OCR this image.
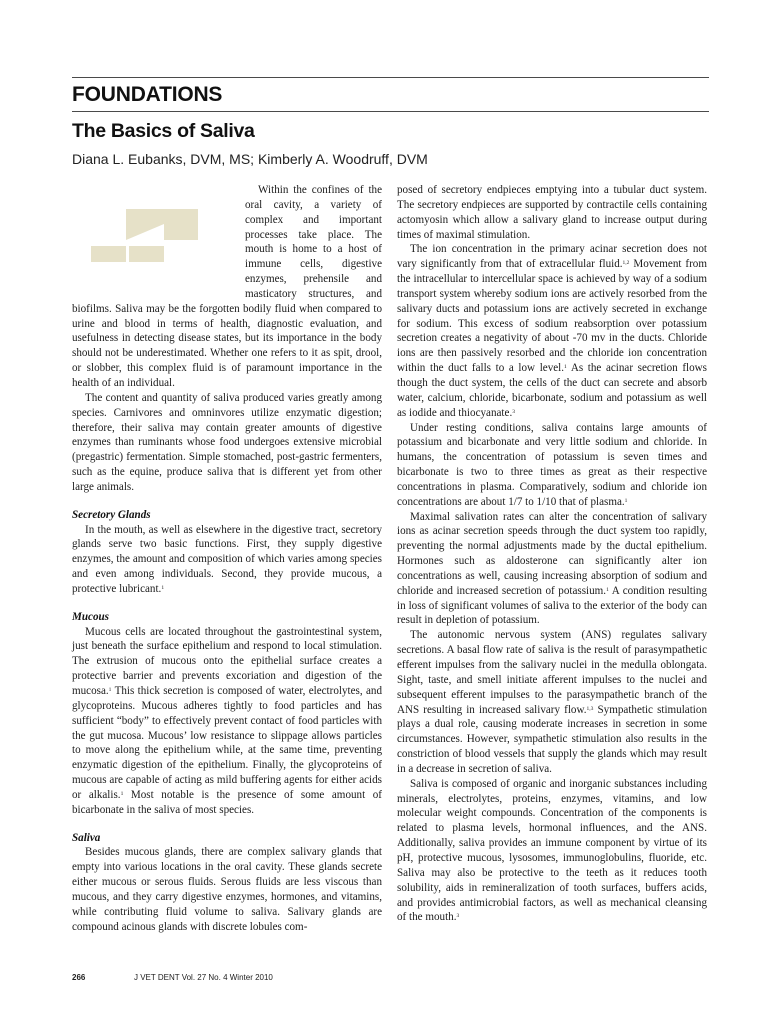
FOUNDATIONS
The Basics of Saliva
Diana L. Eubanks, DVM, MS; Kimberly A. Woodruff, DVM

Within the confines of the oral cavity, a variety of complex and important processes take place. The mouth is home to a host of immune cells, digestive enzymes, prehensile and masticatory structures, and biofilms. Saliva may be the forgotten bodily fluid when compared to urine and blood in terms of health, diagnostic evaluation, and usefulness in detecting disease states, but its importance in the body should not be underestimated. Whether one refers to it as spit, drool, or slobber, this complex fluid is of paramount importance in the health of an individual.

The content and quantity of saliva produced varies greatly among species. Carnivores and omninvores utilize enzymatic digestion; therefore, their saliva may contain greater amounts of digestive enzymes than ruminants whose food undergoes extensive microbial (pregastric) fermentation. Simple stomached, post-gastric fermenters, such as the equine, produce saliva that is different yet from other large animals.

Secretory Glands

In the mouth, as well as elsewhere in the digestive tract, secretory glands serve two basic functions. First, they supply digestive enzymes, the amount and composition of which varies among species and even among individuals. Second, they provide mucous, a protective lubricant.$^1$

Mucous

Mucous cells are located throughout the gastrointestinal system, just beneath the surface epithelium and respond to local stimulation. The extrusion of mucous onto the epithelial surface creates a protective barrier and prevents excoriation and digestion of the mucosa.$^1$ This thick secretion is composed of water, electrolytes, and glycoproteins. Mucous adheres tightly to food particles and has sufficient “body” to effectively prevent contact of food particles with the gut mucosa. Mucous’ low resistance to slippage allows particles to move along the epithelium while, at the same time, preventing enzymatic digestion of the epithelium. Finally, the glycoproteins of mucous are capable of acting as mild buffering agents for either acids or alkalis.$^1$ Most notable is the presence of some amount of bicarbonate in the saliva of most species.

Saliva

Besides mucous glands, there are complex salivary glands that empty into various locations in the oral cavity. These glands secrete either mucous or serous fluids. Serous fluids are less viscous than mucous, and they carry digestive enzymes, hormones, and vitamins, while contributing fluid volume to saliva. Salivary glands are compound acinous glands with discrete lobules com-

posed of secretory endpieces emptying into a tubular duct system. The secretory endpieces are supported by contractile cells containing actomyosin which allow a salivary gland to increase output during times of maximal stimulation.

The ion concentration in the primary acinar secretion does not vary significantly from that of extracellular fluid.$^{1,2}$ Movement from the intracellular to intercellular space is achieved by way of a sodium transport system whereby sodium ions are actively resorbed from the salivary ducts and potassium ions are actively secreted in exchange for sodium. This excess of sodium reabsorption over potassium secretion creates a negativity of about -70 mv in the ducts. Chloride ions are then passively resorbed and the chloride ion concentration within the duct falls to a low level.$^1$ As the acinar secretion flows though the duct system, the cells of the duct can secrete and absorb water, calcium, chloride, bicarbonate, sodium and potassium as well as iodide and thiocyanate.$^3$

Under resting conditions, saliva contains large amounts of potassium and bicarbonate and very little sodium and chloride. In humans, the concentration of potassium is seven times and bicarbonate is two to three times as great as their respective concentrations in plasma. Comparatively, sodium and chloride ion concentrations are about 1/7 to 1/10 that of plasma.$^1$

Maximal salivation rates can alter the concentration of salivary ions as acinar secretion speeds through the duct system too rapidly, preventing the normal adjustments made by the ductal epithelium. Hormones such as aldosterone can significantly alter ion concentrations as well, causing increasing absorption of sodium and chloride and increased secretion of potassium.$^1$ A condition resulting in loss of significant volumes of saliva to the exterior of the body can result in depletion of potassium.

The autonomic nervous system (ANS) regulates salivary secretions. A basal flow rate of saliva is the result of parasympathetic efferent impulses from the salivary nuclei in the medulla oblongata. Sight, taste, and smell initiate afferent impulses to the nuclei and subsequent efferent impulses to the parasympathetic branch of the ANS resulting in increased salivary flow.$^{1,3}$ Sympathetic stimulation plays a dual role, causing moderate increases in secretion in some circumstances. However, sympathetic stimulation also results in the constriction of blood vessels that supply the glands which may result in a decrease in secretion of saliva.

Saliva is composed of organic and inorganic substances including minerals, electrolytes, proteins, enzymes, vitamins, and low molecular weight compounds. Concentration of the components is related to plasma levels, hormonal influences, and the ANS. Additionally, saliva provides an immune component by virtue of its pH, protective mucous, lysosomes, immunoglobulins, fluoride, etc. Saliva may also be protective to the teeth as it reduces tooth solubility, aids in remineralization of tooth surfaces, buffers acids, and provides antimicrobial factors, as well as mechanical cleansing of the mouth.$^3$

266	J VET DENT Vol. 27 No. 4 Winter 2010
